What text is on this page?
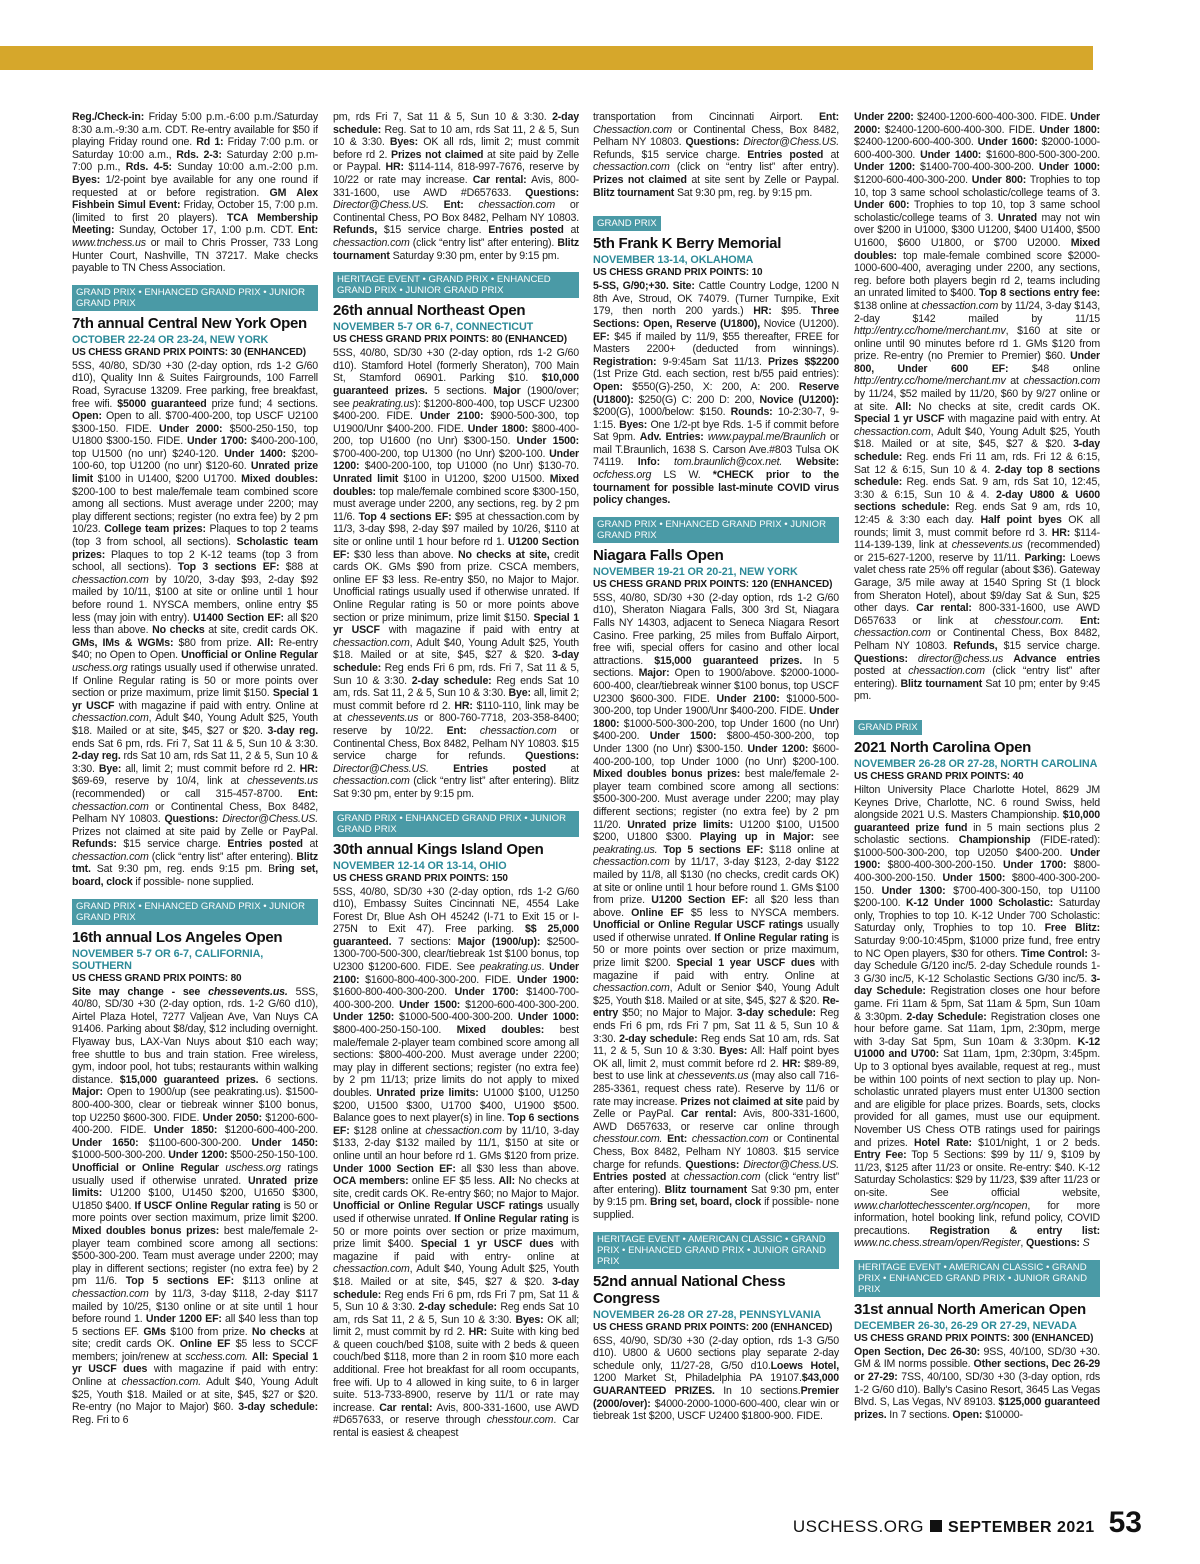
Reg./Check-in: Friday 5:00 p.m.-6:00 p.m./Saturday 8:30 a.m.-9:30 a.m. CDT. Re-entry available for $50 if playing Friday round one. Rd 1: Friday 7:00 p.m. or Saturday 10:00 a.m., Rds. 2-3: Saturday 2:00 p.m-7:00 p.m., Rds. 4-5: Sunday 10:00 a.m.-2:00 p.m. Byes: 1/2-point bye available for any one round if requested at or before registration. GM Alex Fishbein Simul Event: Friday, October 15, 7:00 p.m. (limited to first 20 players). TCA Membership Meeting: Sunday, October 17, 1:00 p.m. CDT. Ent: www.tnchess.us or mail to Chris Prosser, 733 Long Hunter Court, Nashville, TN 37217. Make checks payable to TN Chess Association.

GRAND PRIX • ENHANCED GRAND PRIX • JUNIOR GRAND PRIX
7th annual Central New York Open
OCTOBER 22-24 OR 23-24, NEW YORK
US CHESS GRAND PRIX POINTS: 30 (ENHANCED)

5SS, 40/80, SD/30 +30 (2-day option, rds 1-2 G/60 d10), Quality Inn & Suites Fairgrounds, 100 Farrell Road, Syracuse 13209. Free parking, free breakfast, free wifi. $5000 guaranteed prize fund; 4 sections. Open: Open to all. $700-400-200, top USCF U2100 $300-150. FIDE. Under 2000: $500-250-150, top U1800 $300-150. FIDE. Under 1700: $400-200-100, top U1500 (no unr) $240-120. Under 1400: $200-100-60, top U1200 (no unr) $120-60. Unrated prize limit $100 in U1400, $200 U1700. Mixed doubles: $200-100 to best male/female team combined score among all sections. Must average under 2200; may play different sections; register (no extra fee) by 2 pm 10/23. College team prizes: Plaques to top 2 teams (top 3 from school, all sections). Scholastic team prizes: Plaques to top 2 K-12 teams (top 3 from school, all sections). Top 3 sections EF: $88 at chessaction.com by 10/20, 3-day $93, 2-day $92 mailed by 10/11, $100 at site or online until 1 hour before round 1. NYSCA members, online entry $5 less (may join with entry). U1400 Section EF: all $20 less than above. No checks at site, credit cards OK. GMs, IMs & WGMs: $80 from prize. All: Re-entry $40; no Open to Open. Unofficial or Online Regular uschess.org ratings usually used if otherwise unrated. If Online Regular rating is 50 or more points over section or prize maximum, prize limit $150. Special 1 yr USCF with magazine if paid with entry. Online at chessaction.com, Adult $40, Young Adult $25, Youth $18. Mailed or at site, $45, $27 or $20. 3-day reg. ends Sat 6 pm, rds. Fri 7, Sat 11 & 5, Sun 10 & 3:30. 2-day reg. rds Sat 10 am, rds Sat 11, 2 & 5, Sun 10 & 3:30. Bye: all, limit 2; must commit before rd 2. HR: $69-69, reserve by 10/4, link at chessevents.us (recommended) or call 315-457-8700. Ent: chessaction.com or Continental Chess, Box 8482, Pelham NY 10803. Questions: Director@Chess.US. Prizes not claimed at site paid by Zelle or PayPal. Refunds: $15 service charge. Entries posted at chessaction.com (click “entry list” after entering). Blitz tmt. Sat 9:30 pm, reg. ends 9:15 pm. Bring set, board, clock if possible- none supplied.

GRAND PRIX • ENHANCED GRAND PRIX • JUNIOR GRAND PRIX
16th annual Los Angeles Open
NOVEMBER 5-7 OR 6-7, CALIFORNIA, SOUTHERN
US CHESS GRAND PRIX POINTS: 80

Site may change - see chessevents.us. 5SS, 40/80, SD/30 +30 (2-day option, rds. 1-2 G/60 d10), Airtel Plaza Hotel, 7277 Valjean Ave, Van Nuys CA 91406. Parking about $8/day, $12 including overnight. Flyaway bus, LAX-Van Nuys about $10 each way; free shuttle to bus and train station. Free wireless, gym, indoor pool, hot tubs; restaurants within walking distance. $15,000 guaranteed prizes. 6 sections. Major: Open to 1900/up (see peakrating.us). $1500-800-400-300, clear or tiebreak winner $100 bonus, top U2250 $600-300. FIDE. Under 2050: $1200-600-400-200. FIDE. Under 1850: $1200-600-400-200. Under 1650: $1100-600-300-200. Under 1450: $1000-500-300-200. Under 1200: $500-250-150-100. Unofficial or Online Regular uschess.org ratings usually used if otherwise unrated. Unrated prize limits: U1200 $100, U1450 $200, U1650 $300, U1850 $400. If USCF Online Regular rating is 50 or more points over section maximum, prize limit $200. Mixed doubles bonus prizes: best male/female 2-player team combined score among all sections: $500-300-200. Team must average under 2200; may play in different sections; register (no extra fee) by 2 pm 11/6. Top 5 sections EF: $113 online at chessaction.com by 11/3, 3-day $118, 2-day $117 mailed by 10/25, $130 online or at site until 1 hour before round 1. Under 1200 EF: all $40 less than top 5 sections EF. GMs $100 from prize. No checks at site; credit cards OK. Online EF $5 less to SCCF members; join/renew at scchess.com. All: Special 1 yr USCF dues with magazine if paid with entry: Online at chessaction.com. Adult $40, Young Adult $25, Youth $18. Mailed or at site, $45, $27 or $20. Re-entry (no Major to Major) $60. 3-day schedule: Reg. Fri to 6

pm, rds Fri 7, Sat 11 & 5, Sun 10 & 3:30. 2-day schedule: Reg. Sat to 10 am, rds Sat 11, 2 & 5, Sun 10 & 3:30. Byes: OK all rds, limit 2; must commit before rd 2. Prizes not claimed at site paid by Zelle or Paypal. HR: $114-114, 818-997-7676, reserve by 10/22 or rate may increase. Car rental: Avis, 800-331-1600, use AWD #D657633. Questions: Director@Chess.US. Ent: chessaction.com or Continental Chess, PO Box 8482, Pelham NY 10803. Refunds, $15 service charge. Entries posted at chessaction.com (click “entry list” after entering). Blitz tournament Saturday 9:30 pm, enter by 9:15 pm.

HERITAGE EVENT • GRAND PRIX • ENHANCED GRAND PRIX • JUNIOR GRAND PRIX
26th annual Northeast Open
NOVEMBER 5-7 OR 6-7, CONNECTICUT
US CHESS GRAND PRIX POINTS: 80 (ENHANCED)

5SS, 40/80, SD/30 +30 (2-day option, rds 1-2 G/60 d10). Stamford Hotel (formerly Sheraton), 700 Main St, Stamford 06901. Parking $10. $10,000 guaranteed prizes. 5 sections. Major (1900/over; see peakrating.us): $1200-800-400, top USCF U2300 $400-200. FIDE. Under 2100: $900-500-300, top U1900/Unr $400-200. FIDE. Under 1800: $800-400-200, top U1600 (no Unr) $300-150. Under 1500: $700-400-200, top U1300 (no Unr) $200-100. Under 1200: $400-200-100, top U1000 (no Unr) $130-70. Unrated limit $100 in U1200, $200 U1500. Mixed doubles: top male/female combined score $300-150, must average under 2200, any sections, reg. by 2 pm 11/6. Top 4 sections EF: $95 at chessaction.com by 11/3, 3-day $98, 2-day $97 mailed by 10/26, $110 at site or online until 1 hour before rd 1. U1200 Section EF: $30 less than above. No checks at site, credit cards OK. GMs $90 from prize. CSCA members, online EF $3 less. Re-entry $50, no Major to Major. Unofficial ratings usually used if otherwise unrated. If Online Regular rating is 50 or more points above section or prize minimum, prize limit $150. Special 1 yr USCF with magazine if paid with entry at chessaction.com, Adult $40, Young Adult $25, Youth $18. Mailed or at site, $45, $27 & $20. 3-day schedule: Reg ends Fri 6 pm, rds. Fri 7, Sat 11 & 5, Sun 10 & 3:30. 2-day schedule: Reg ends Sat 10 am, rds. Sat 11, 2 & 5, Sun 10 & 3:30. Bye: all, limit 2; must commit before rd 2. HR: $110-110, link may be at chessevents.us or 800-760-7718, 203-358-8400; reserve by 10/22. Ent: chessaction.com or Continental Chess, Box 8482, Pelham NY 10803. $15 service charge for refunds. Questions: Director@Chess.US. Entries posted at chessaction.com (click “entry list” after entering). Blitz Sat 9:30 pm, enter by 9:15 pm.

GRAND PRIX • ENHANCED GRAND PRIX • JUNIOR GRAND PRIX
30th annual Kings Island Open
NOVEMBER 12-14 OR 13-14, OHIO
US CHESS GRAND PRIX POINTS: 150

5SS, 40/80, SD/30 +30 (2-day option, rds 1-2 G/60 d10), Embassy Suites Cincinnati NE, 4554 Lake Forest Dr, Blue Ash OH 45242 (I-71 to Exit 15 or I-275N to Exit 47). Free parking. $$ 25,000 guaranteed. 7 sections: Major (1900/up): $2500-1300-700-500-300, clear/tiebreak 1st $100 bonus, top U2300 $1200-600. FIDE. See peakrating.us. Under 2100: $1600-800-400-300-200. FIDE. Under 1900: $1600-800-400-300-200. Under 1700: $1400-700-400-300-200. Under 1500: $1200-600-400-300-200. Under 1250: $1000-500-400-300-200. Under 1000: $800-400-250-150-100. Mixed doubles: best male/female 2-player team combined score among all sections: $800-400-200. Must average under 2200; may play in different sections; register (no extra fee) by 2 pm 11/13; prize limits do not apply to mixed doubles. Unrated prize limits: U1000 $100, U1250 $200, U1500 $300, U1700 $400, U1900 $500. Balance goes to next player(s) in line. Top 6 sections EF: $128 online at chessaction.com by 11/10, 3-day $133, 2-day $132 mailed by 11/1, $150 at site or online until an hour before rd 1. GMs $120 from prize. Under 1000 Section EF: all $30 less than above. OCA members: online EF $5 less. All: No checks at site, credit cards OK. Re-entry $60; no Major to Major. Unofficial or Online Regular USCF ratings usually used if otherwise unrated. If Online Regular rating is 50 or more points over section or prize maximum, prize limit $400. Special 1 yr USCF dues with magazine if paid with entry- online at chessaction.com, Adult $40, Young Adult $25, Youth $18. Mailed or at site, $45, $27 & $20. 3-day schedule: Reg ends Fri 6 pm, rds Fri 7 pm, Sat 11 & 5, Sun 10 & 3:30. 2-day schedule: Reg ends Sat 10 am, rds Sat 11, 2 & 5, Sun 10 & 3:30. Byes: OK all; limit 2, must commit by rd 2. HR: Suite with king bed & queen couch/bed $108, suite with 2 beds & queen couch/bed $118, more than 2 in room $10 more each additional. Free hot breakfast for all room occupants, free wifi. Up to 4 allowed in king suite, to 6 in larger suite. 513-733-8900, reserve by 11/1 or rate may increase. Car rental: Avis, 800-331-1600, use AWD #D657633, or reserve through chesstour.com. Car rental is easiest & cheapest

transportation from Cincinnati Airport. Ent: Chessaction.com or Continental Chess, Box 8482, Pelham NY 10803. Questions: Director@Chess.US. Refunds, $15 service charge. Entries posted at chessaction.com (click on “entry list” after entry). Prizes not claimed at site sent by Zelle or Paypal. Blitz tournament Sat 9:30 pm, reg. by 9:15 pm.

GRAND PRIX
5th Frank K Berry Memorial
NOVEMBER 13-14, OKLAHOMA
US CHESS GRAND PRIX POINTS: 10

5-SS, G/90;+30. Site: Cattle Country Lodge, 1200 N 8th Ave, Stroud, OK 74079. (Turner Turnpike, Exit 179, then north 200 yards.) HR: $95. Three Sections: Open, Reserve (U1800), Novice (U1200). EF: $45 if mailed by 11/9, $55 thereafter, FREE for Masters 2200+ (deducted from winnings). Registration: 9-9:45am Sat 11/13. Prizes $$2200 (1st Prize Gtd. each section, rest b/55 paid entries): Open: $550(G)-250, X: 200, A: 200. Reserve (U1800): $250(G) C: 200 D: 200, Novice (U1200): $200(G), 1000/below: $150. Rounds: 10-2:30-7, 9-1:15. Byes: One 1/2-pt bye Rds. 1-5 if commit before Sat 9pm. Adv. Entries: www.paypal.me/Braunlich or mail T.Braunlich, 1638 S. Carson Ave.#803 Tulsa OK 74119. Info: tom.braunlich@cox.net. Website: ocfchess.org LS W. *CHECK prior to the tournament for possible last-minute COVID virus policy changes.

GRAND PRIX • ENHANCED GRAND PRIX • JUNIOR GRAND PRIX
Niagara Falls Open
NOVEMBER 19-21 OR 20-21, NEW YORK
US CHESS GRAND PRIX POINTS: 120 (ENHANCED)

5SS, 40/80, SD/30 +30 (2-day option, rds 1-2 G/60 d10), Sheraton Niagara Falls, 300 3rd St, Niagara Falls NY 14303, adjacent to Seneca Niagara Resort Casino. Free parking, 25 miles from Buffalo Airport, free wifi, special offers for casino and other local attractions. $15,000 guaranteed prizes. In 5 sections. Major: Open to 1900/above. $2000-1000-600-400, clear/tiebreak winner $100 bonus, top USCF U2300 $600-300. FIDE. Under 2100: $1000-500-300-200, top Under 1900/Unr $400-200. FIDE. Under 1800: $1000-500-300-200, top Under 1600 (no Unr) $400-200. Under 1500: $800-450-300-200, top Under 1300 (no Unr) $300-150. Under 1200: $600-400-200-100, top Under 1000 (no Unr) $200-100. Mixed doubles bonus prizes: best male/female 2-player team combined score among all sections: $500-300-200. Must average under 2200; may play different sections; register (no extra fee) by 2 pm 11/20. Unrated prize limits: U1200 $100, U1500 $200, U1800 $300. Playing up in Major: see peakrating.us. Top 5 sections EF: $118 online at chessaction.com by 11/17, 3-day $123, 2-day $122 mailed by 11/8, all $130 (no checks, credit cards OK) at site or online until 1 hour before round 1. GMs $100 from prize. U1200 Section EF: all $20 less than above. Online EF $5 less to NYSCA members. Unofficial or Online Regular USCF ratings usually used if otherwise unrated. If Online Regular rating is 50 or more points over section or prize maximum, prize limit $200. Special 1 year USCF dues with magazine if paid with entry. Online at chessaction.com, Adult or Senior $40, Young Adult $25, Youth $18. Mailed or at site, $45, $27 & $20. Re-entry $50; no Major to Major. 3-day schedule: Reg ends Fri 6 pm, rds Fri 7 pm, Sat 11 & 5, Sun 10 & 3:30. 2-day schedule: Reg ends Sat 10 am, rds. Sat 11, 2 & 5, Sun 10 & 3:30. Byes: All: Half point byes OK all, limit 2, must commit before rd 2. HR: $89-89, best to use link at chessevents.us (may also call 716-285-3361, request chess rate). Reserve by 11/6 or rate may increase. Prizes not claimed at site paid by Zelle or PayPal. Car rental: Avis, 800-331-1600, AWD D657633, or reserve car online through chesstour.com. Ent: chessaction.com or Continental Chess, Box 8482, Pelham NY 10803. $15 service charge for refunds. Questions: Director@Chess.US. Entries posted at chessaction.com (click “entry list” after entering). Blitz tournament Sat 9:30 pm, enter by 9:15 pm. Bring set, board, clock if possible- none supplied.

HERITAGE EVENT • AMERICAN CLASSIC • GRAND PRIX • ENHANCED GRAND PRIX • JUNIOR GRAND PRIX
52nd annual National Chess Congress
NOVEMBER 26-28 OR 27-28, PENNSYLVANIA
US CHESS GRAND PRIX POINTS: 200 (ENHANCED)

6SS, 40/90, SD/30 +30 (2-day option, rds 1-3 G/50 d10). U800 & U600 sections play separate 2-day schedule only, 11/27-28, G/50 d10.Loews Hotel, 1200 Market St, Philadelphia PA 19107.$43,000 GUARANTEED PRIZES. In 10 sections.Premier (2000/over): $4000-2000-1000-600-400, clear win or tiebreak 1st $200, USCF U2400 $1800-900. FIDE.

Under 2200: $2400-1200-600-400-300. FIDE. Under 2000: $2400-1200-600-400-300. FIDE. Under 1800: $2400-1200-600-400-300. Under 1600: $2000-1000-600-400-300. Under 1400: $1600-800-500-300-200. Under 1200: $1400-700-400-300-200. Under 1000: $1200-600-400-300-200. Under 800: Trophies to top 10, top 3 same school scholastic/college teams of 3. Under 600: Trophies to top 10, top 3 same school scholastic/college teams of 3. Unrated may not win over $200 in U1000, $300 U1200, $400 U1400, $500 U1600, $600 U1800, or $700 U2000. Mixed doubles: top male-female combined score $2000-1000-600-400, averaging under 2200, any sections, reg. before both players begin rd 2, teams including an unrated limited to $400. Top 8 sections entry fee: $138 online at chessaction.com by 11/24, 3-day $143, 2-day $142 mailed by 11/15 http://entry.cc/home/merchant.mv, $160 at site or online until 90 minutes before rd 1. GMs $120 from prize. Re-entry (no Premier to Premier) $60. Under 800, Under 600 EF: $48 online http://entry.cc/home/merchant.mv at chessaction.com by 11/24, $52 mailed by 11/20, $60 by 9/27 online or at site. All: No checks at site, credit cards OK. Special 1 yr USCF with magazine paid with entry. At chessaction.com, Adult $40, Young Adult $25, Youth $18. Mailed or at site, $45, $27 & $20. 3-day schedule: Reg. ends Fri 11 am, rds. Fri 12 & 6:15, Sat 12 & 6:15, Sun 10 & 4. 2-day top 8 sections schedule: Reg. ends Sat. 9 am, rds Sat 10, 12:45, 3:30 & 6:15, Sun 10 & 4. 2-day U800 & U600 sections schedule: Reg. ends Sat 9 am, rds 10, 12:45 & 3:30 each day. Half point byes OK all rounds; limit 3, must commit before rd 3. HR: $114-114-139-139, link at chessevents.us (recommended) or 215-627-1200, reserve by 11/11. Parking: Loews valet chess rate 25% off regular (about $36). Gateway Garage, 3/5 mile away at 1540 Spring St (1 block from Sheraton Hotel), about $9/day Sat & Sun, $25 other days. Car rental: 800-331-1600, use AWD D657633 or link at chesstour.com. Ent: chessaction.com or Continental Chess, Box 8482, Pelham NY 10803. Refunds, $15 service charge. Questions: director@chess.us Advance entries posted at chessaction.com (click “entry list” after entering). Blitz tournament Sat 10 pm; enter by 9:45 pm.

GRAND PRIX
2021 North Carolina Open
NOVEMBER 26-28 OR 27-28, NORTH CAROLINA
US CHESS GRAND PRIX POINTS: 40

Hilton University Place Charlotte Hotel, 8629 JM Keynes Drive, Charlotte, NC. 6 round Swiss, held alongside 2021 U.S. Masters Championship. $10,000 guaranteed prize fund in 5 main sections plus 2 scholastic sections. Championship (FIDE-rated): $1000-500-300-200, top U2050 $400-200. Under 1900: $800-400-300-200-150. Under 1700: $800-400-300-200-150. Under 1500: $800-400-300-200-150. Under 1300: $700-400-300-150, top U1100 $200-100. K-12 Under 1000 Scholastic: Saturday only, Trophies to top 10. K-12 Under 700 Scholastic: Saturday only, Trophies to top 10. Free Blitz: Saturday 9:00-10:45pm, $1000 prize fund, free entry to NC Open players, $30 for others. Time Control: 3-day Schedule G/120 inc/5. 2-day Schedule rounds 1-3 G/30 inc/5, K-12 Scholastic Sections G/30 inc/5. 3-day Schedule: Registration closes one hour before game. Fri 11am & 5pm, Sat 11am & 5pm, Sun 10am & 3:30pm. 2-day Schedule: Registration closes one hour before game. Sat 11am, 1pm, 2:30pm, merge with 3-day Sat 5pm, Sun 10am & 3:30pm. K-12 U1000 and U700: Sat 11am, 1pm, 2:30pm, 3:45pm. Up to 3 optional byes available, request at reg., must be within 100 points of next section to play up. Non-scholastic unrated players must enter U1300 section and are eligible for place prizes. Boards, sets, clocks provided for all games, must use our equipment. November US Chess OTB ratings used for pairings and prizes. Hotel Rate: $101/night, 1 or 2 beds. Entry Fee: Top 5 Sections: $99 by 11/ 9, $109 by 11/23, $125 after 11/23 or onsite. Re-entry: $40. K-12 Saturday Scholastics: $29 by 11/23, $39 after 11/23 or on-site. See official website, www.charlottechesscenter.org/ncopen, for more information, hotel booking link, refund policy, COVID precautions. Registration & entry list: www.nc.chess.stream/open/Register, Questions: S

HERITAGE EVENT • AMERICAN CLASSIC • GRAND PRIX • ENHANCED GRAND PRIX • JUNIOR GRAND PRIX
31st annual North American Open
DECEMBER 26-30, 26-29 OR 27-29, NEVADA
US CHESS GRAND PRIX POINTS: 300 (ENHANCED)

Open Section, Dec 26-30: 9SS, 40/100, SD/30 +30. GM & IM norms possible. Other sections, Dec 26-29 or 27-29: 7SS, 40/100, SD/30 +30 (3-day option, rds 1-2 G/60 d10). Bally's Casino Resort, 3645 Las Vegas Blvd. S, Las Vegas, NV 89103. $125,000 guaranteed prizes. In 7 sections. Open: $10000-

USCHESS.ORG SEPTEMBER 2021 53
